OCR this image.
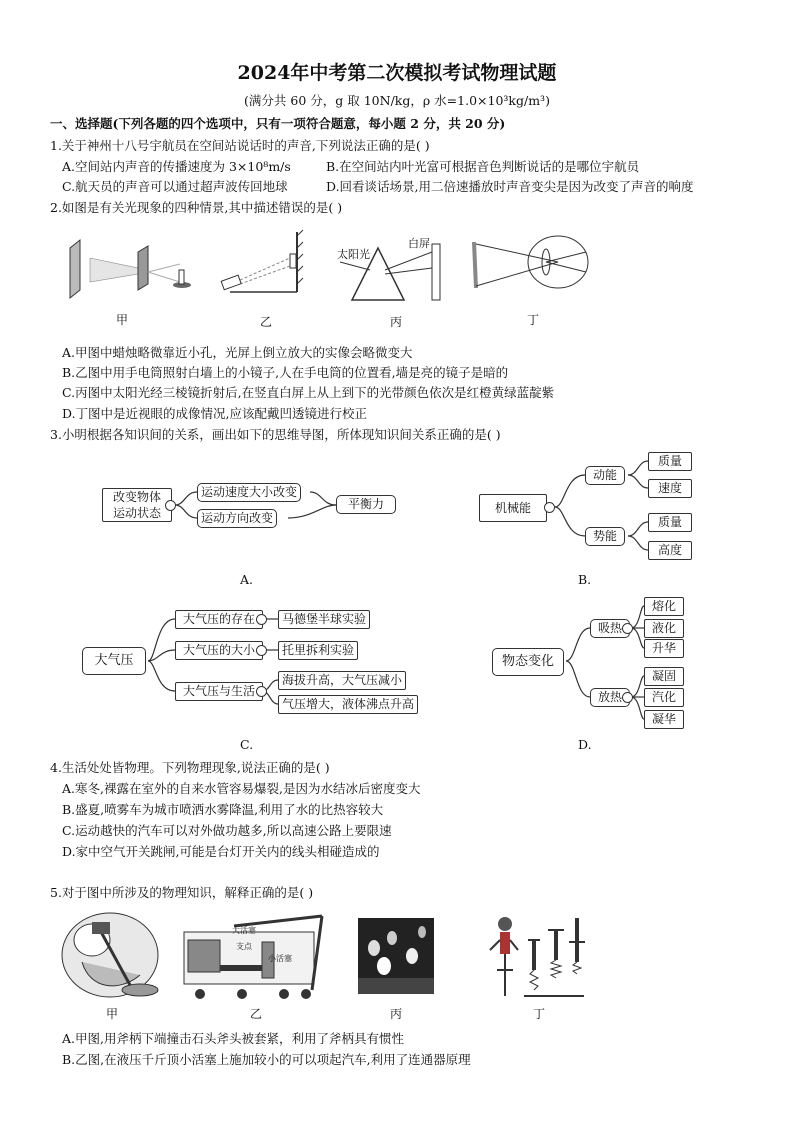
2024年中考第二次模拟考试物理试题
(满分共 60 分，g 取 10N/kg，ρ 水=1.0×10³kg/m³)
一、选择题(下列各题的四个选项中，只有一项符合题意，每小题 2 分，共 20 分)
1.关于神州十八号宇航员在空间站说话时的声音,下列说法正确的是( )
A.空间站内声音的传播速度为 3×10⁸m/s	B.在空间站内叶光富可根据音色判断说话的是哪位宇航员
C.航天员的声音可以通过超声波传回地球	D.回看谈话场景,用二倍速播放时声音变尖是因为改变了声音的响度
2.如图是有关光现象的四种情景,其中描述错误的是( )
太阳光
白屏
甲	乙	丙	丁
A.甲图中蜡烛略微靠近小孔，光屏上倒立放大的实像会略微变大
B.乙图中用手电筒照射白墙上的小镜子,人在手电筒的位置看,墙是亮的镜子是暗的
C.丙图中太阳光经三棱镜折射后,在竖直白屏上从上到下的光带颜色依次是红橙黄绿蓝靛紫
D.丁图中是近视眼的成像情况,应该配戴凹透镜进行校正
3.小明根据各知识间的关系，画出如下的思维导图，所体现知识间关系正确的是( )
改变物体
运动状态
运动速度大小改变
运动方向改变
平衡力
A.
机械能
动能
势能
质量
速度
质量
高度
B.
大气压
大气压的存在
大气压的大小
大气压与生活
马德堡半球实验
托里拆利实验
海拔升高，大气压减小
气压增大，液体沸点升高
C.
物态变化
吸热
放热
熔化
液化
升华
凝固
汽化
凝华
D.
4.生活处处皆物理。下列物理现象,说法正确的是( )
A.寒冬,裸露在室外的自来水管容易爆裂,是因为水结冰后密度变大
B.盛夏,喷雾车为城市喷洒水雾降温,利用了水的比热容较大
C.运动越快的汽车可以对外做功越多,所以高速公路上要限速
D.家中空气开关跳闸,可能是台灯开关内的线头相碰造成的
5.对于图中所涉及的物理知识，解释正确的是( )
大活塞
支点
小活塞
甲	乙	丙	丁
A.甲图,用斧柄下端撞击石头斧头被套紧，利用了斧柄具有惯性
B.乙图,在液压千斤顶小活塞上施加较小的可以项起汽车,利用了连通器原理
